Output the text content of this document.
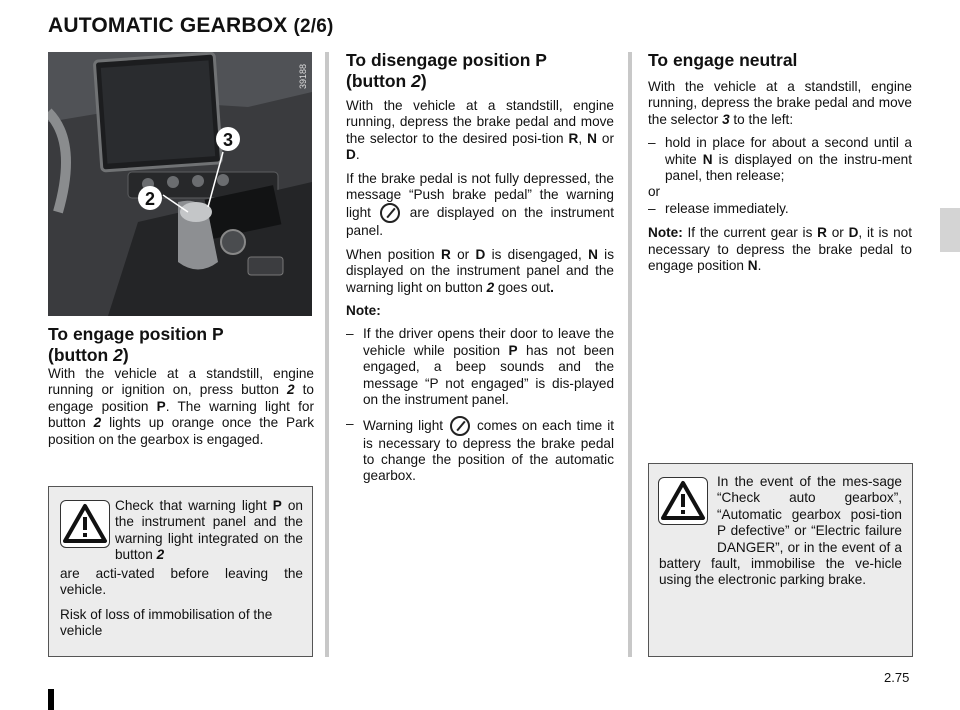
AUTOMATIC GEARBOX (2/6)
39188
3
2

To engage position P
(button 2)

With the vehicle at a standstill, engine running or ignition on, press button 2 to engage position P. The warning light for button 2 lights up orange once the Park position on the gearbox is engaged.

Check that warning light P on the instrument panel and the warning light integrated on the button 2

are acti-vated before leaving the vehicle.

Risk of loss of immobilisation of the vehicle

To disengage position P
(button 2)

With the vehicle at a standstill, engine running, depress the brake pedal and move the selector to the desired posi-tion R, N or D.

If the brake pedal is not fully depressed, the message “Push brake pedal” the warning light  are displayed on the instrument panel.

When position R or D is disengaged, N is displayed on the instrument panel and the warning light on button 2 goes out.

Note:

– If the driver opens their door to leave the vehicle while position P has not been engaged, a beep sounds and the message “P not engaged” is dis-played on the instrument panel.

– Warning light  comes on each time it is necessary to depress the brake pedal to change the position of the automatic gearbox.

To engage neutral

With the vehicle at a standstill, engine running, depress the brake pedal and move the selector 3 to the left:

– hold in place for about a second until a white N is displayed on the instru-ment panel, then release;

or

– release immediately.

Note: If the current gear is R or D, it is not necessary to depress the brake pedal to engage position N.

In the event of the mes-sage “Check auto gearbox”, “Automatic gearbox posi-tion P defective” or “Electric failure DANGER”, or in the event of a battery fault, immobilise the ve-hicle using the electronic parking brake.

2.75
